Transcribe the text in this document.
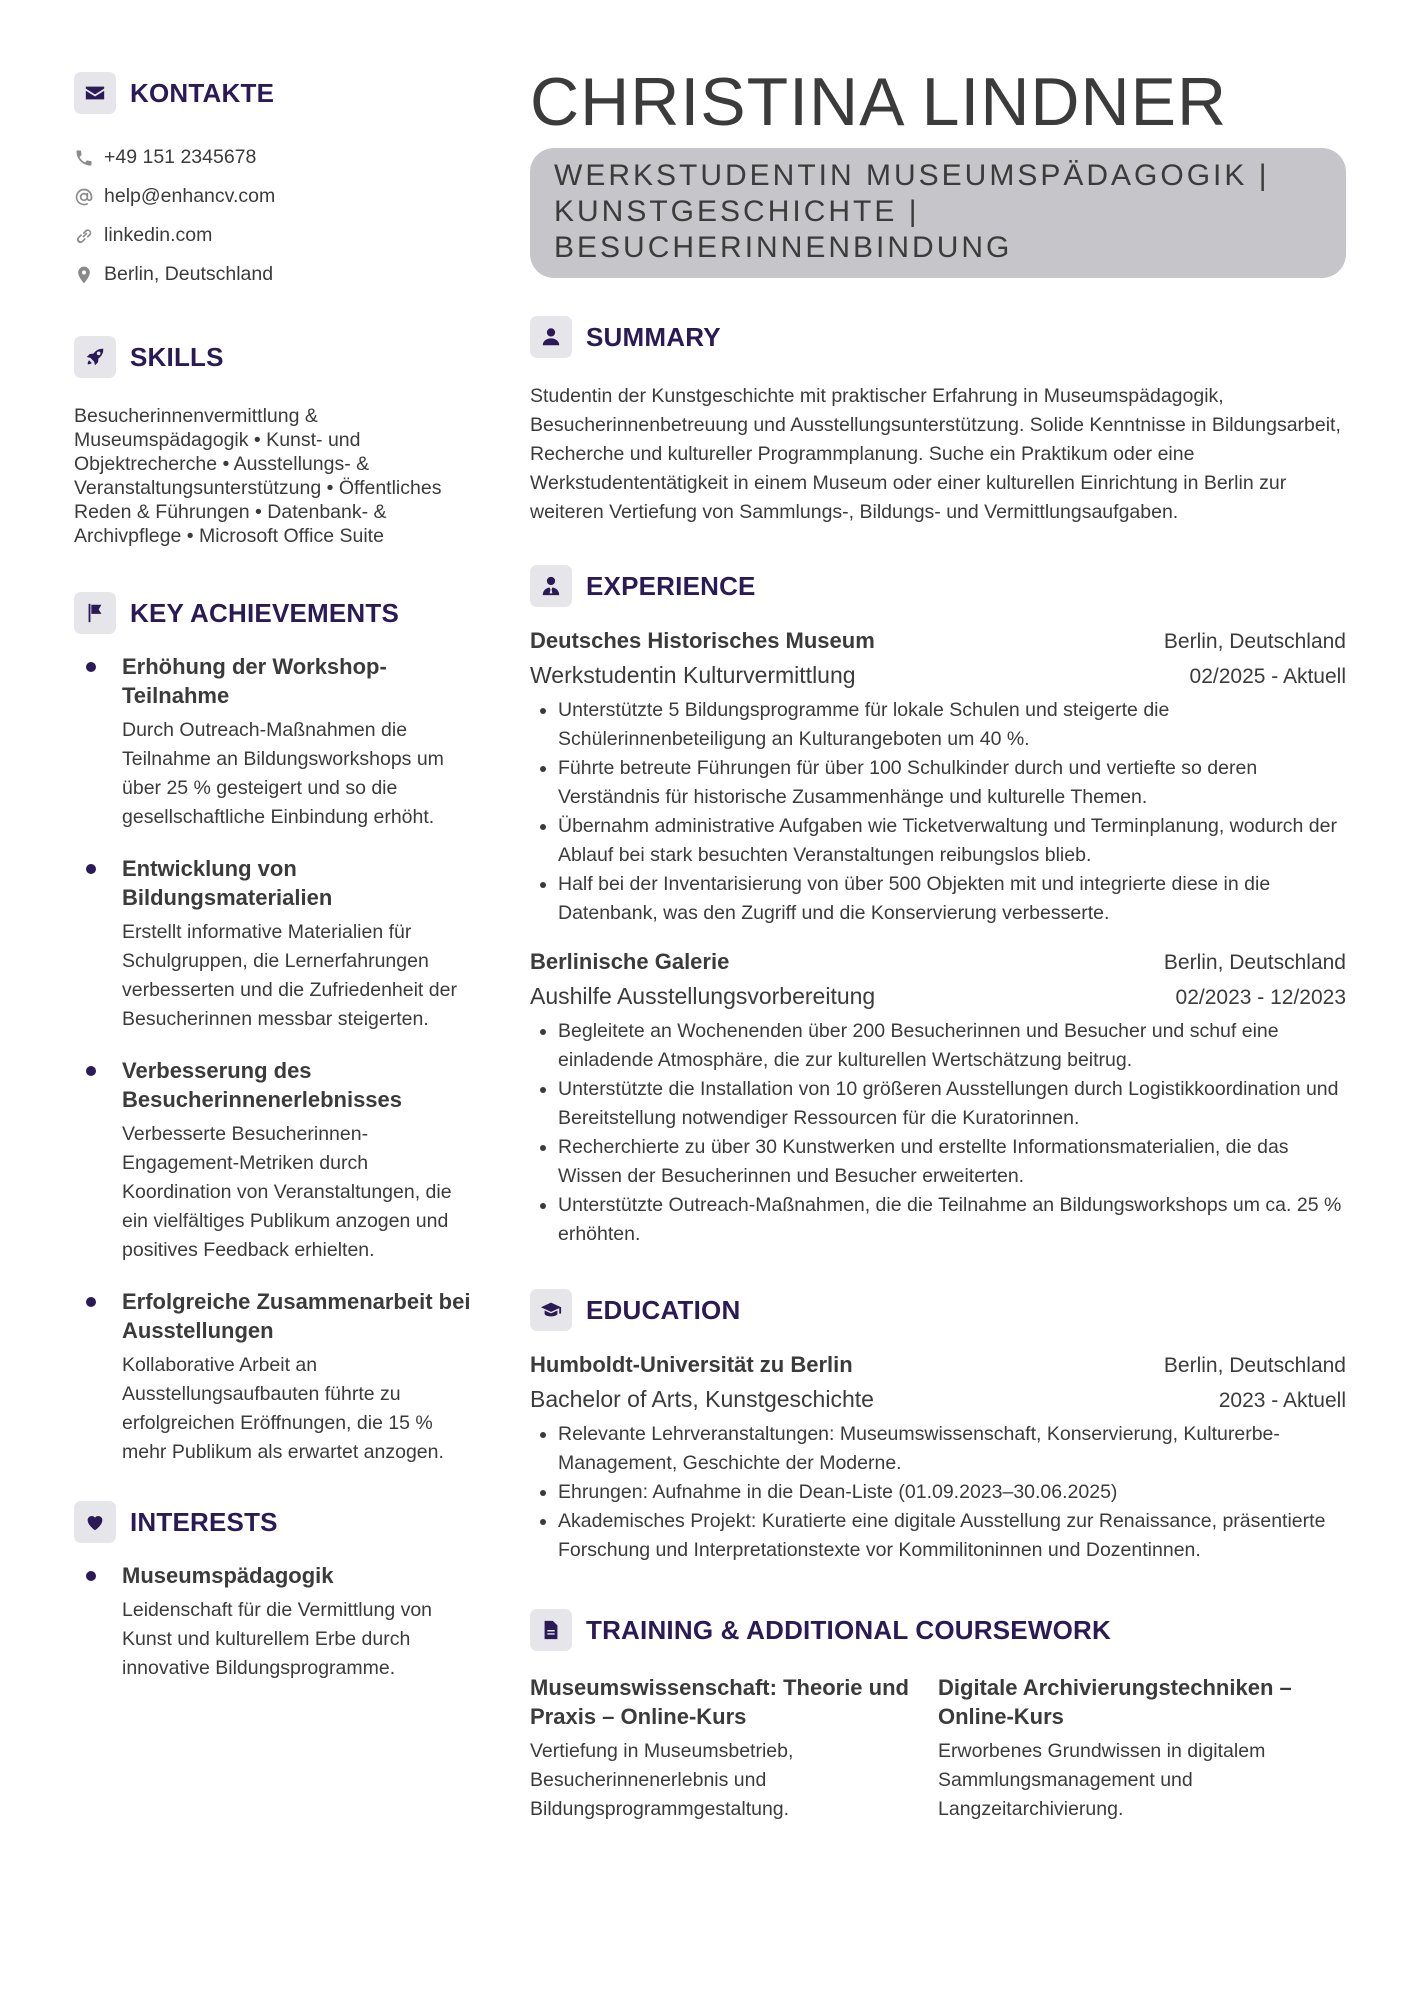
KONTAKTE
+49 151 2345678
help@enhancv.com
linkedin.com
Berlin, Deutschland
SKILLS
Besucherinnenvermittlung & Museumspädagogik • Kunst- und Objektrecherche • Ausstellungs- & Veranstaltungsunterstützung • Öffentliches Reden & Führungen • Datenbank- & Archivpflege • Microsoft Office Suite
KEY ACHIEVEMENTS
Erhöhung der Workshop-Teilnahme
Durch Outreach-Maßnahmen die Teilnahme an Bildungsworkshops um über 25 % gesteigert und so die gesellschaftliche Einbindung erhöht.
Entwicklung von Bildungsmaterialien
Erstellt informative Materialien für Schulgruppen, die Lernerfahrungen verbesserten und die Zufriedenheit der Besucherinnen messbar steigerten.
Verbesserung des Besucherinnenerlebnisses
Verbesserte Besucherinnen-Engagement-Metriken durch Koordination von Veranstaltungen, die ein vielfältiges Publikum anzogen und positives Feedback erhielten.
Erfolgreiche Zusammenarbeit bei Ausstellungen
Kollaborative Arbeit an Ausstellungsaufbauten führte zu erfolgreichen Eröffnungen, die 15 % mehr Publikum als erwartet anzogen.
INTERESTS
Museumspädagogik
Leidenschaft für die Vermittlung von Kunst und kulturellem Erbe durch innovative Bildungsprogramme.
CHRISTINA LINDNER
WERKSTUDENTIN MUSEUMSPÄDAGOGIK | KUNSTGESCHICHTE | BESUCHERINNENBINDUNG
SUMMARY

Studentin der Kunstgeschichte mit praktischer Erfahrung in Museumspädagogik, Besucherinnenbetreuung und Ausstellungsunterstützung. Solide Kenntnisse in Bildungsarbeit, Recherche und kultureller Programmplanung. Suche ein Praktikum oder eine Werkstudententätigkeit in einem Museum oder einer kulturellen Einrichtung in Berlin zur weiteren Vertiefung von Sammlungs-, Bildungs- und Vermittlungsaufgaben.

EXPERIENCE
Deutsches Historisches Museum	Berlin, Deutschland
Werkstudentin Kulturvermittlung	02/2025 - Aktuell
Unterstützte 5 Bildungsprogramme für lokale Schulen und steigerte die Schülerinnenbeteiligung an Kulturangeboten um 40 %.
Führte betreute Führungen für über 100 Schulkinder durch und vertiefte so deren Verständnis für historische Zusammenhänge und kulturelle Themen.
Übernahm administrative Aufgaben wie Ticketverwaltung und Terminplanung, wodurch der Ablauf bei stark besuchten Veranstaltungen reibungslos blieb.
Half bei der Inventarisierung von über 500 Objekten mit und integrierte diese in die Datenbank, was den Zugriff und die Konservierung verbesserte.
Berlinische Galerie	Berlin, Deutschland
Aushilfe Ausstellungsvorbereitung	02/2023 - 12/2023
Begleitete an Wochenenden über 200 Besucherinnen und Besucher und schuf eine einladende Atmosphäre, die zur kulturellen Wertschätzung beitrug.
Unterstützte die Installation von 10 größeren Ausstellungen durch Logistikkoordination und Bereitstellung notwendiger Ressourcen für die Kuratorinnen.
Recherchierte zu über 30 Kunstwerken und erstellte Informationsmaterialien, die das Wissen der Besucherinnen und Besucher erweiterten.
Unterstützte Outreach-Maßnahmen, die die Teilnahme an Bildungsworkshops um ca. 25 % erhöhten.
EDUCATION
Humboldt-Universität zu Berlin	Berlin, Deutschland
Bachelor of Arts, Kunstgeschichte	2023 - Aktuell
Relevante Lehrveranstaltungen: Museumswissenschaft, Konservierung, Kulturerbe-Management, Geschichte der Moderne.
Ehrungen: Aufnahme in die Dean-Liste (01.09.2023–30.06.2025)
Akademisches Projekt: Kuratierte eine digitale Ausstellung zur Renaissance, präsentierte Forschung und Interpretationstexte vor Kommilitoninnen und Dozentinnen.
TRAINING & ADDITIONAL COURSEWORK
Museumswissenschaft: Theorie und Praxis – Online-Kurs
Vertiefung in Museumsbetrieb, Besucherinnenerlebnis und Bildungsprogrammgestaltung.
Digitale Archivierungstechniken – Online-Kurs
Erworbenes Grundwissen in digitalem Sammlungsmanagement und Langzeitarchivierung.
